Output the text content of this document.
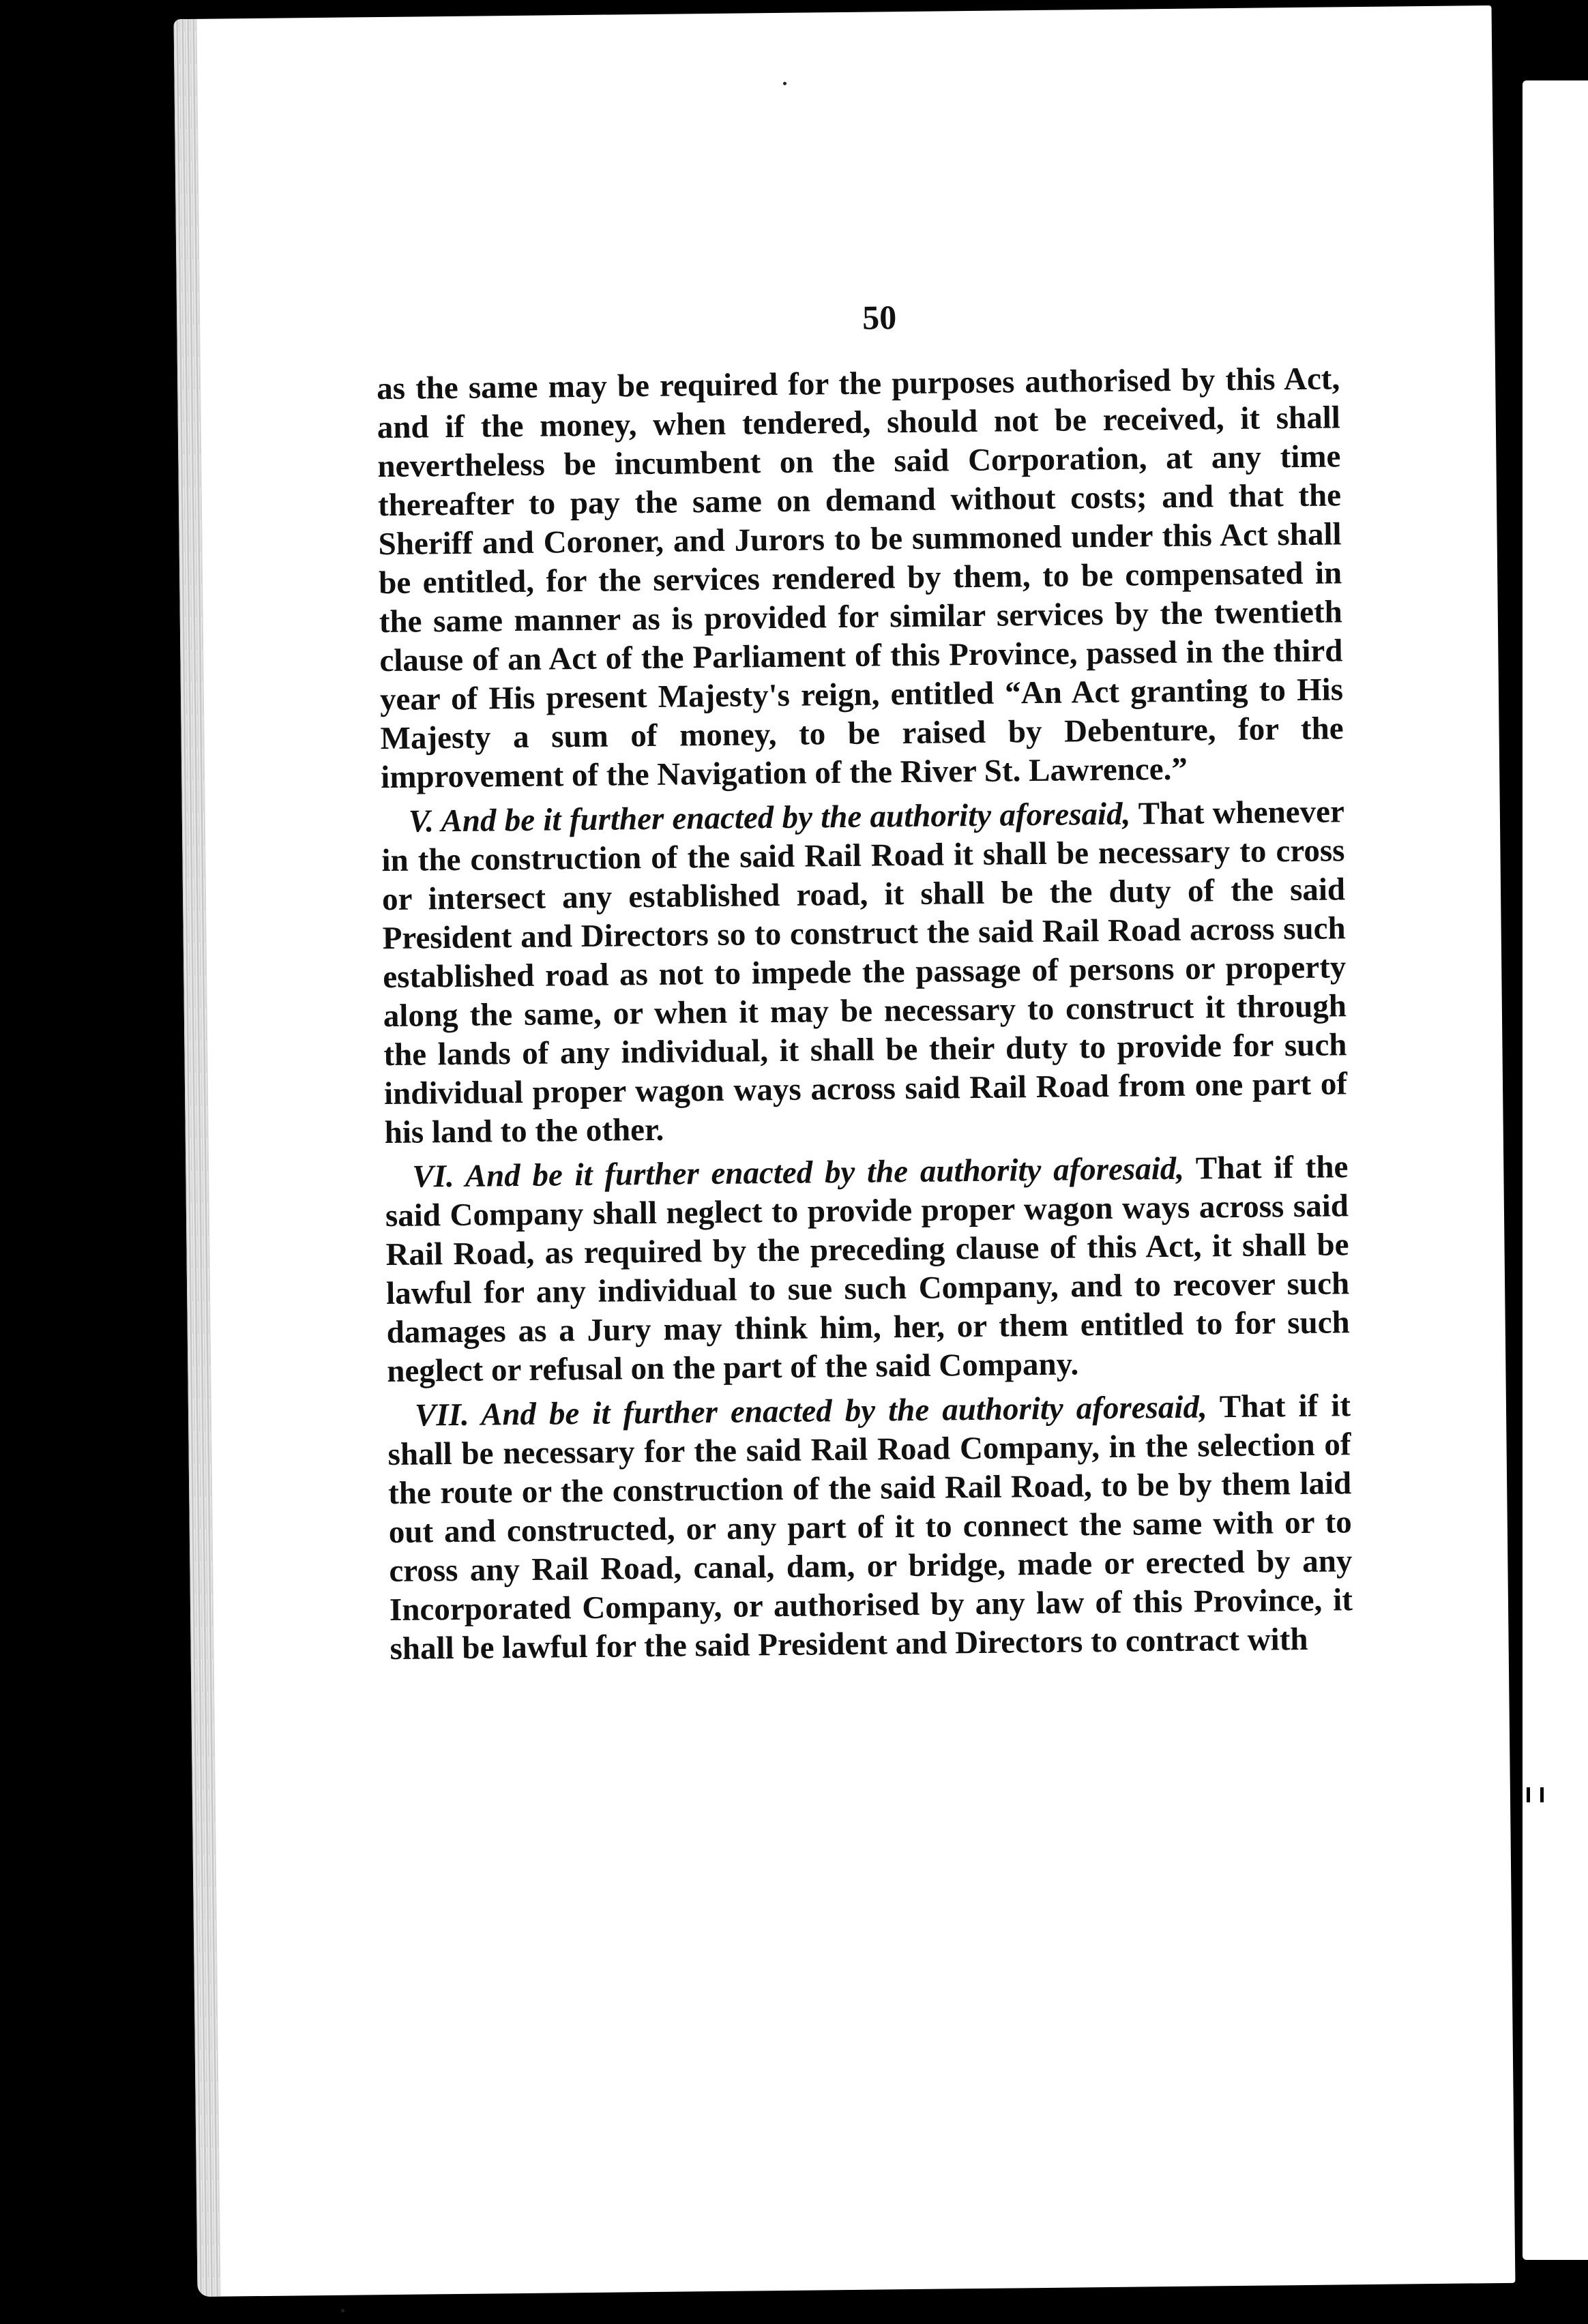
50

as the same may be required for the purposes authorised by this Act, and if the money, when tendered, should not be received, it shall nevertheless be incumbent on the said Corporation, at any time thereafter to pay the same on demand without costs; and that the Sheriff and Coroner, and Jurors to be summoned under this Act shall be entitled, for the services rendered by them, to be compensated in the same manner as is provided for similar services by the twentieth clause of an Act of the Parliament of this Province, passed in the third year of His present Majesty's reign, entitled “An Act granting to His Majesty a sum of money, to be raised by Debenture, for the improvement of the Navigation of the River St. Lawrence.”

V. And be it further enacted by the authority aforesaid, That whenever in the construction of the said Rail Road it shall be necessary to cross or intersect any established road, it shall be the duty of the said President and Directors so to construct the said Rail Road across such established road as not to impede the passage of persons or property along the same, or when it may be necessary to construct it through the lands of any individual, it shall be their duty to provide for such individual proper wagon ways across said Rail Road from one part of his land to the other.

VI. And be it further enacted by the authority aforesaid, That if the said Company shall neglect to provide proper wagon ways across said Rail Road, as required by the preceding clause of this Act, it shall be lawful for any individual to sue such Company, and to recover such damages as a Jury may think him, her, or them entitled to for such neglect or refusal on the part of the said Company.

VII. And be it further enacted by the authority aforesaid, That if it shall be necessary for the said Rail Road Company, in the selection of the route or the construction of the said Rail Road, to be by them laid out and constructed, or any part of it to connect the same with or to cross any Rail Road, canal, dam, or bridge, made or erected by any Incorporated Company, or authorised by any law of this Province, it shall be lawful for the said President and Directors to contract with
